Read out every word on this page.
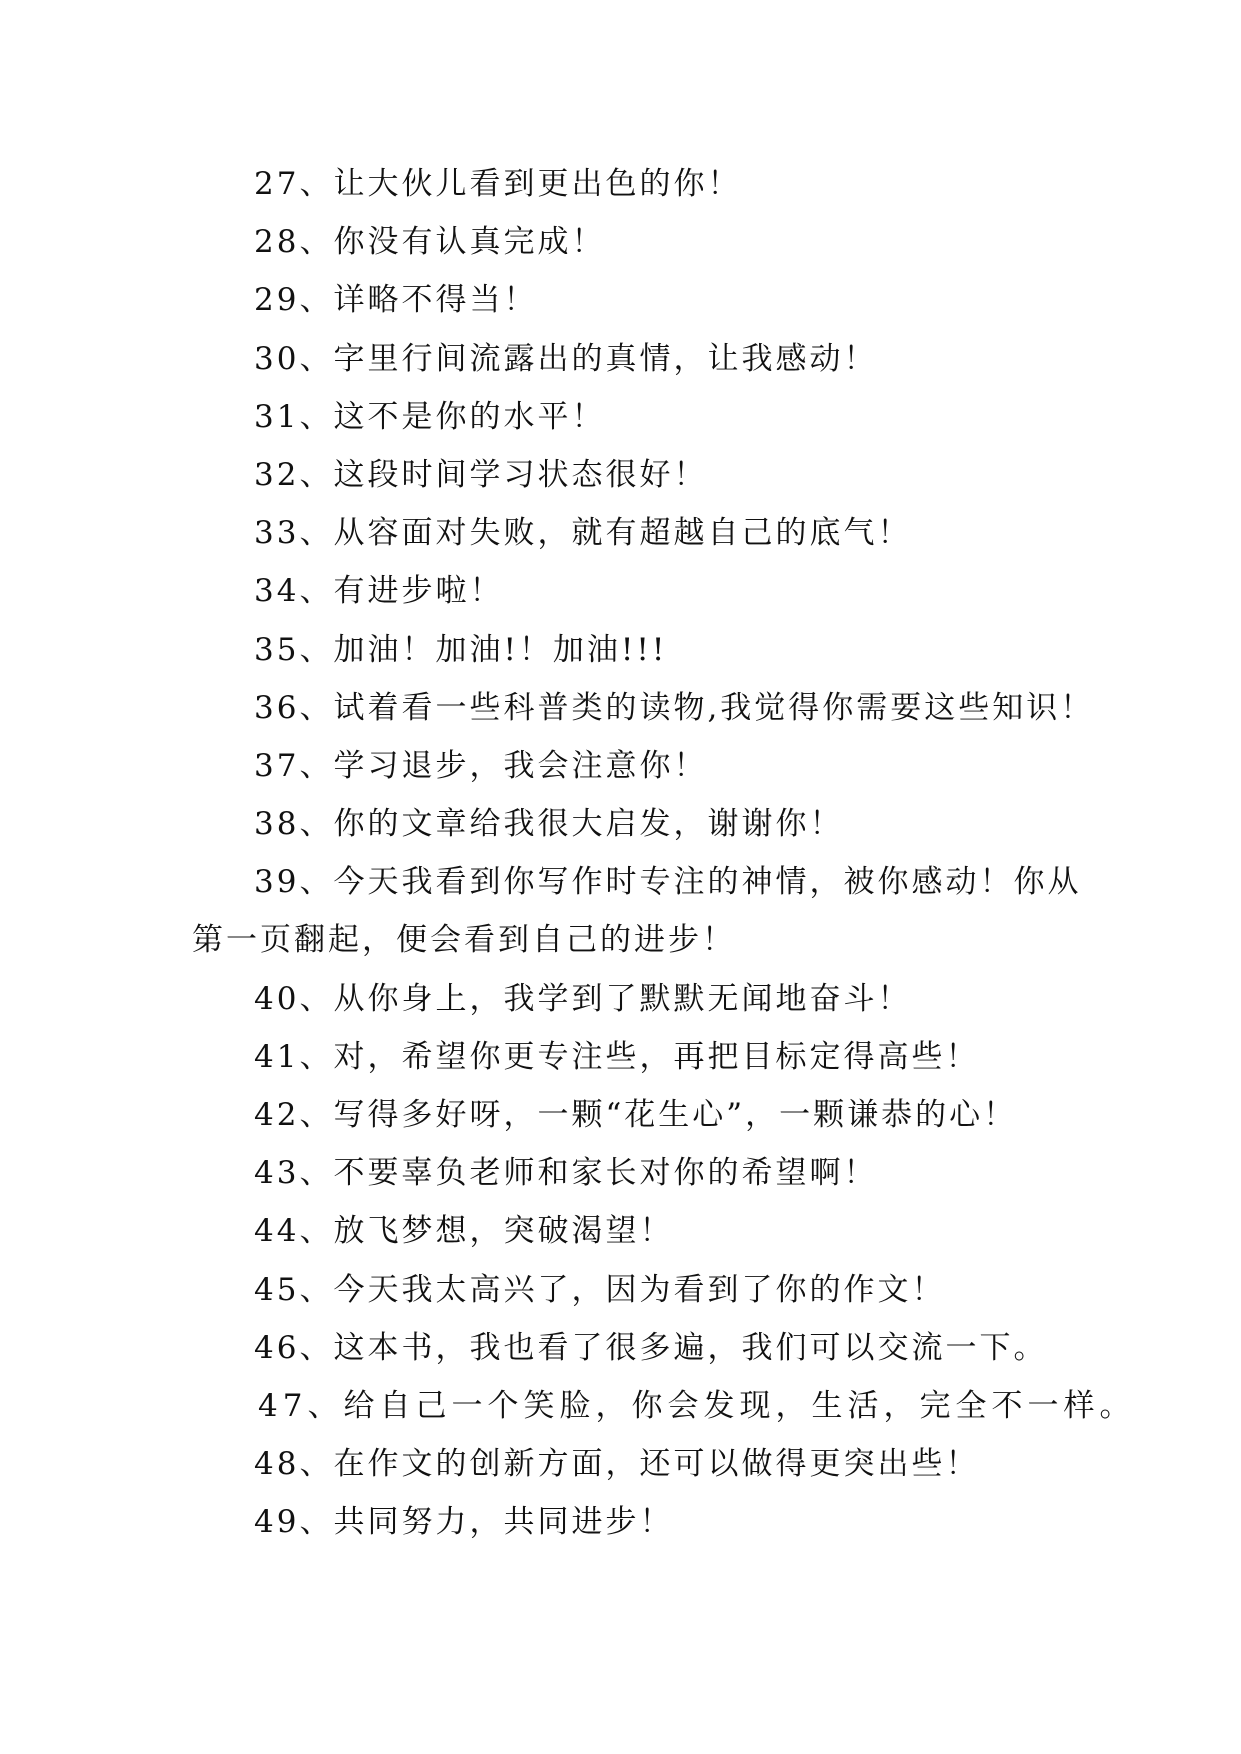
27、让大伙儿看到更出色的你！
28、你没有认真完成！
29、详略不得当！
30、字里行间流露出的真情，让我感动！
31、这不是你的水平！
32、这段时间学习状态很好！
33、从容面对失败，就有超越自己的底气！
34、有进步啦！
35、加油！加油!！加油!!!
36、试着看一些科普类的读物,我觉得你需要这些知识！
37、学习退步，我会注意你！
38、你的文章给我很大启发，谢谢你！
39、今天我看到你写作时专注的神情，被你感动！你从
第一页翻起，便会看到自己的进步！
40、从你身上，我学到了默默无闻地奋斗！
41、对，希望你更专注些，再把目标定得高些！
42、写得多好呀，一颗“花生心”，一颗谦恭的心！
43、不要辜负老师和家长对你的希望啊！
44、放飞梦想，突破渴望！
45、今天我太高兴了，因为看到了你的作文！
46、这本书，我也看了很多遍，我们可以交流一下。
47、给自己一个笑脸，你会发现，生活，完全不一样。
48、在作文的创新方面，还可以做得更突出些！
49、共同努力，共同进步！
